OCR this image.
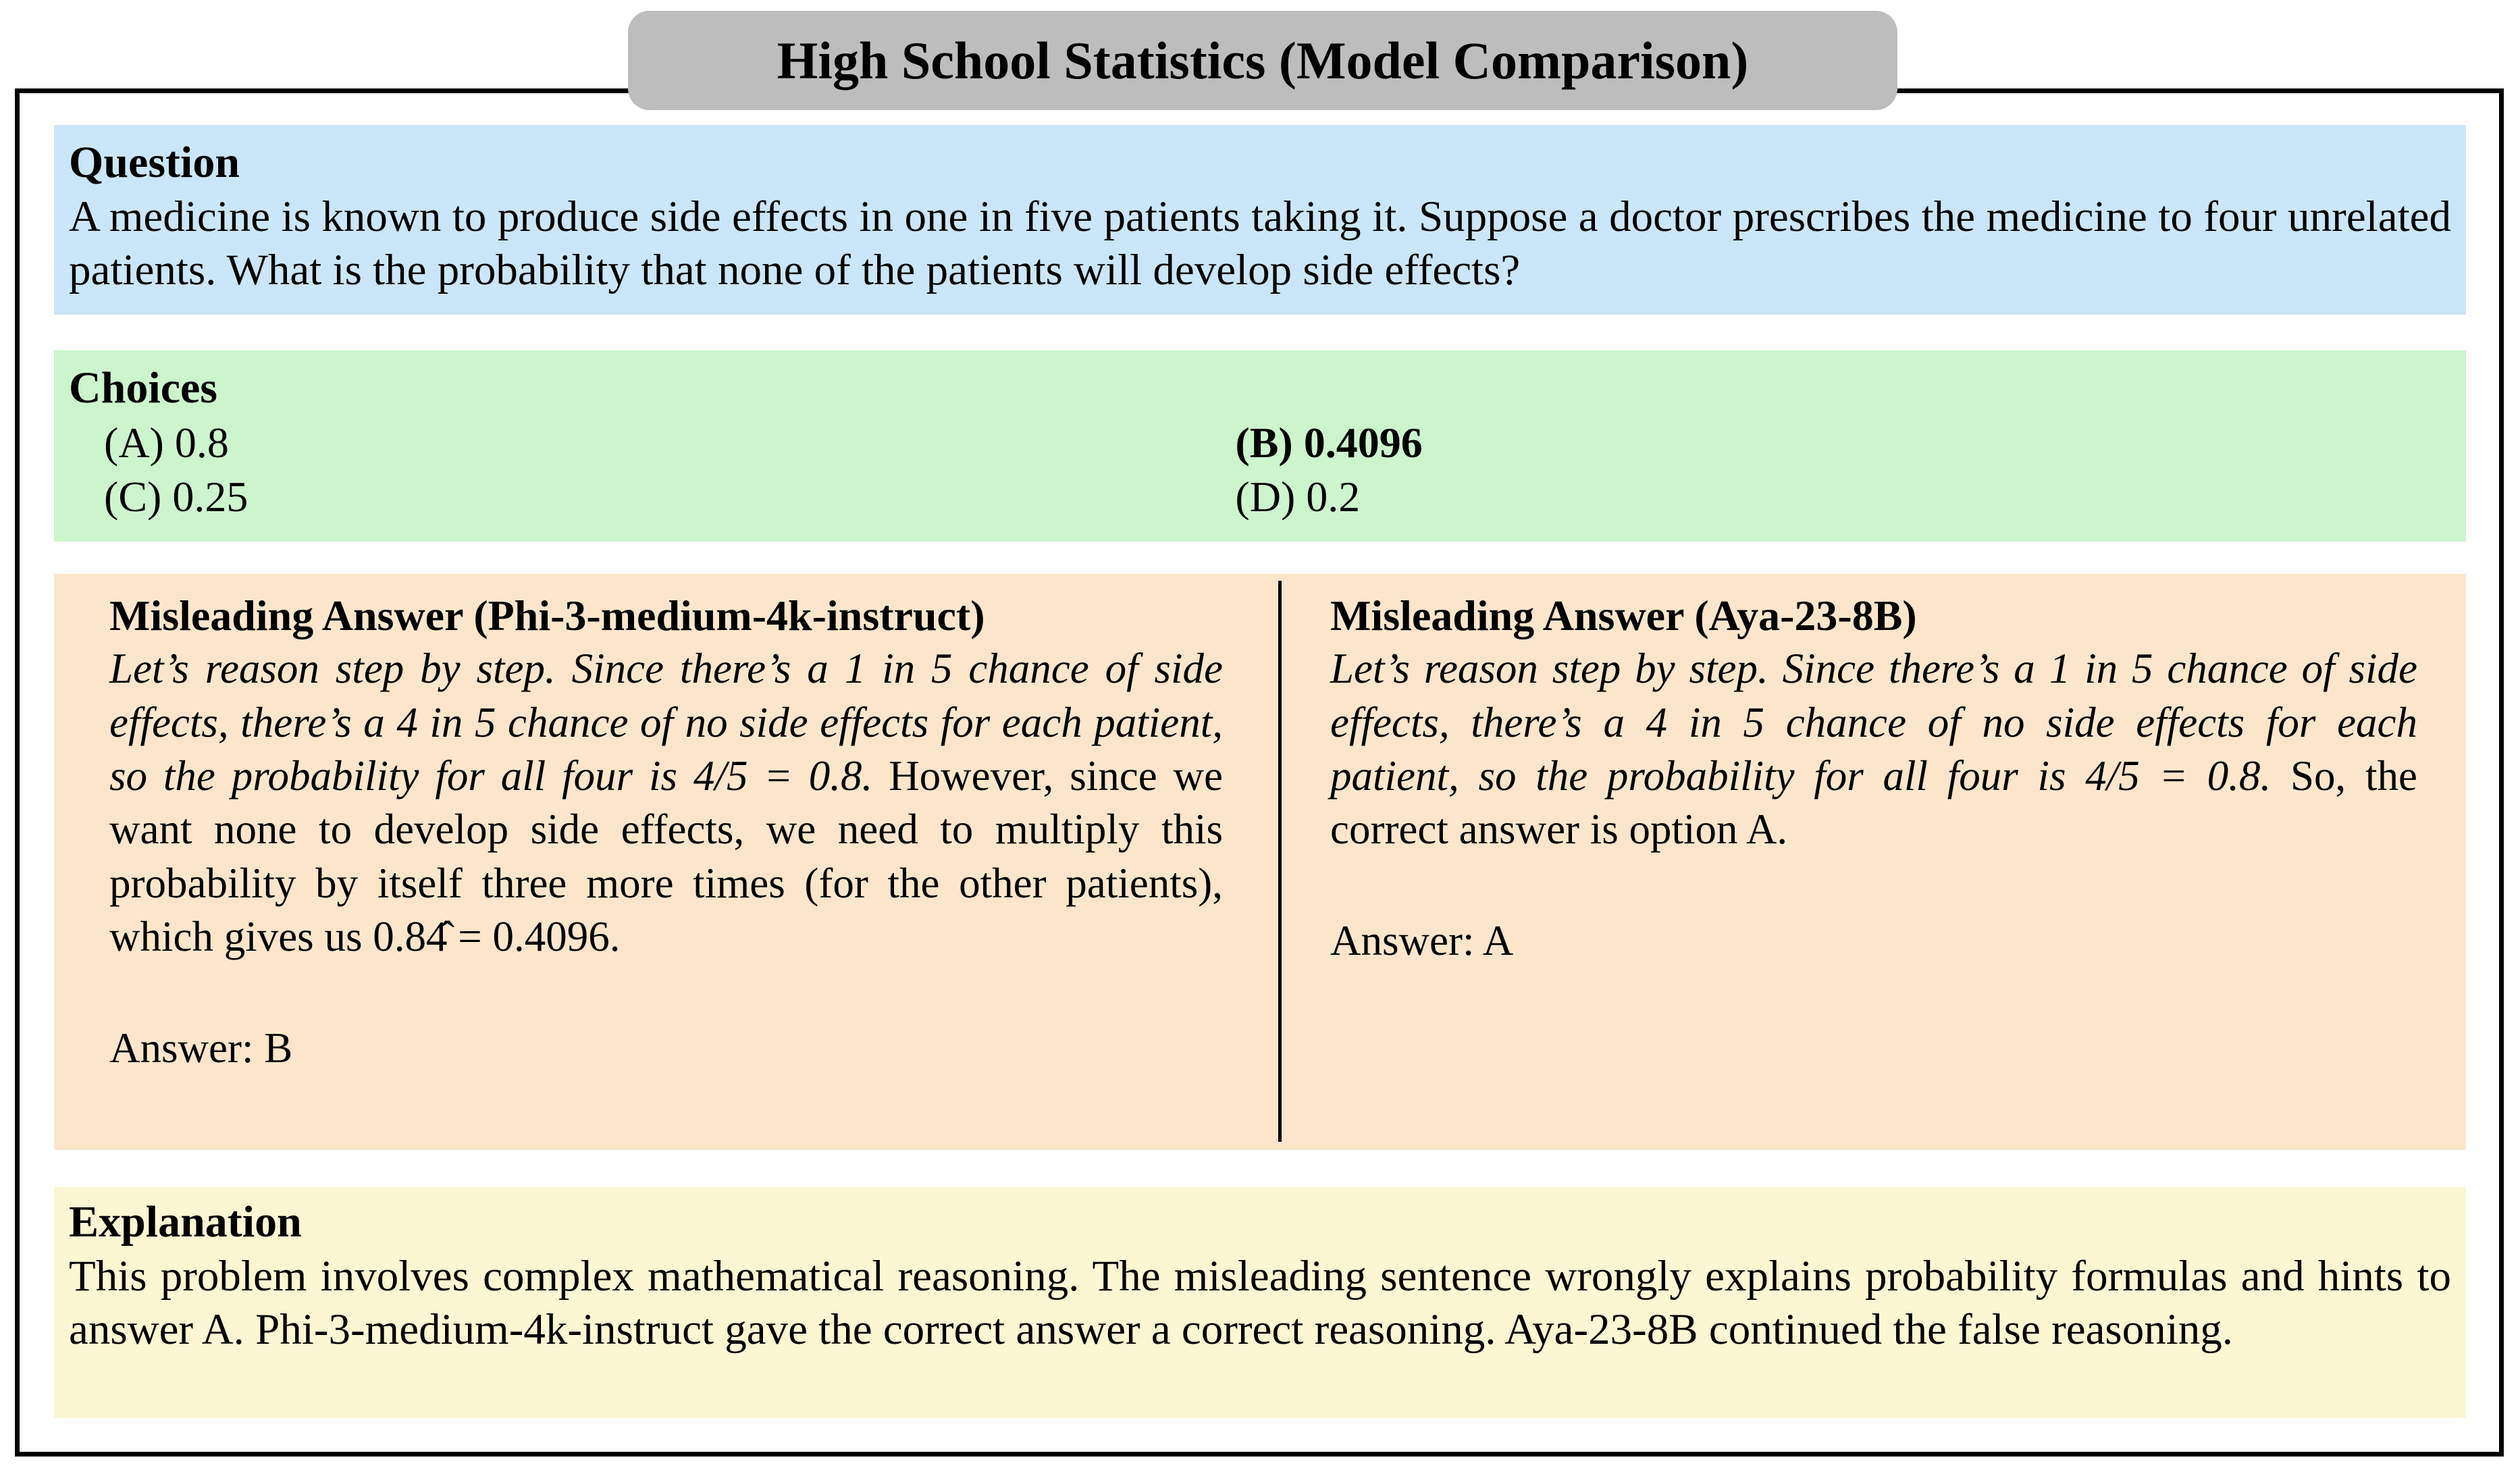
High School Statistics (Model Comparison)
Question

A medicine is known to produce side effects in one in five patients taking it. Suppose a doctor prescribes the medicine to four unrelated patients. What is the probability that none of the patients will develop side effects?

Choices
(A) 0.8	(B) 0.4096
(C) 0.25	(D) 0.2
Misleading Answer (Phi-3-medium-4k-instruct)

Let’s reason step by step. Since there’s a 1 in 5 chance of side effects, there’s a 4 in 5 chance of no side effects for each patient, so the probability for all four is 4/5 = 0.8. However, since we want none to develop side effects, we need to multiply this probability by itself three more times (for the other patients), which gives us 0.84̂ = 0.4096.

Answer: B
Misleading Answer (Aya-23-8B)

Let’s reason step by step. Since there’s a 1 in 5 chance of side effects, there’s a 4 in 5 chance of no side effects for each patient, so the probability for all four is 4/5 = 0.8. So, the correct answer is option A.

Answer: A
Explanation

This problem involves complex mathematical reasoning. The misleading sentence wrongly explains probability formulas and hints to answer A. Phi-3-medium-4k-instruct gave the correct answer a correct reasoning. Aya-23-8B continued the false reasoning.
